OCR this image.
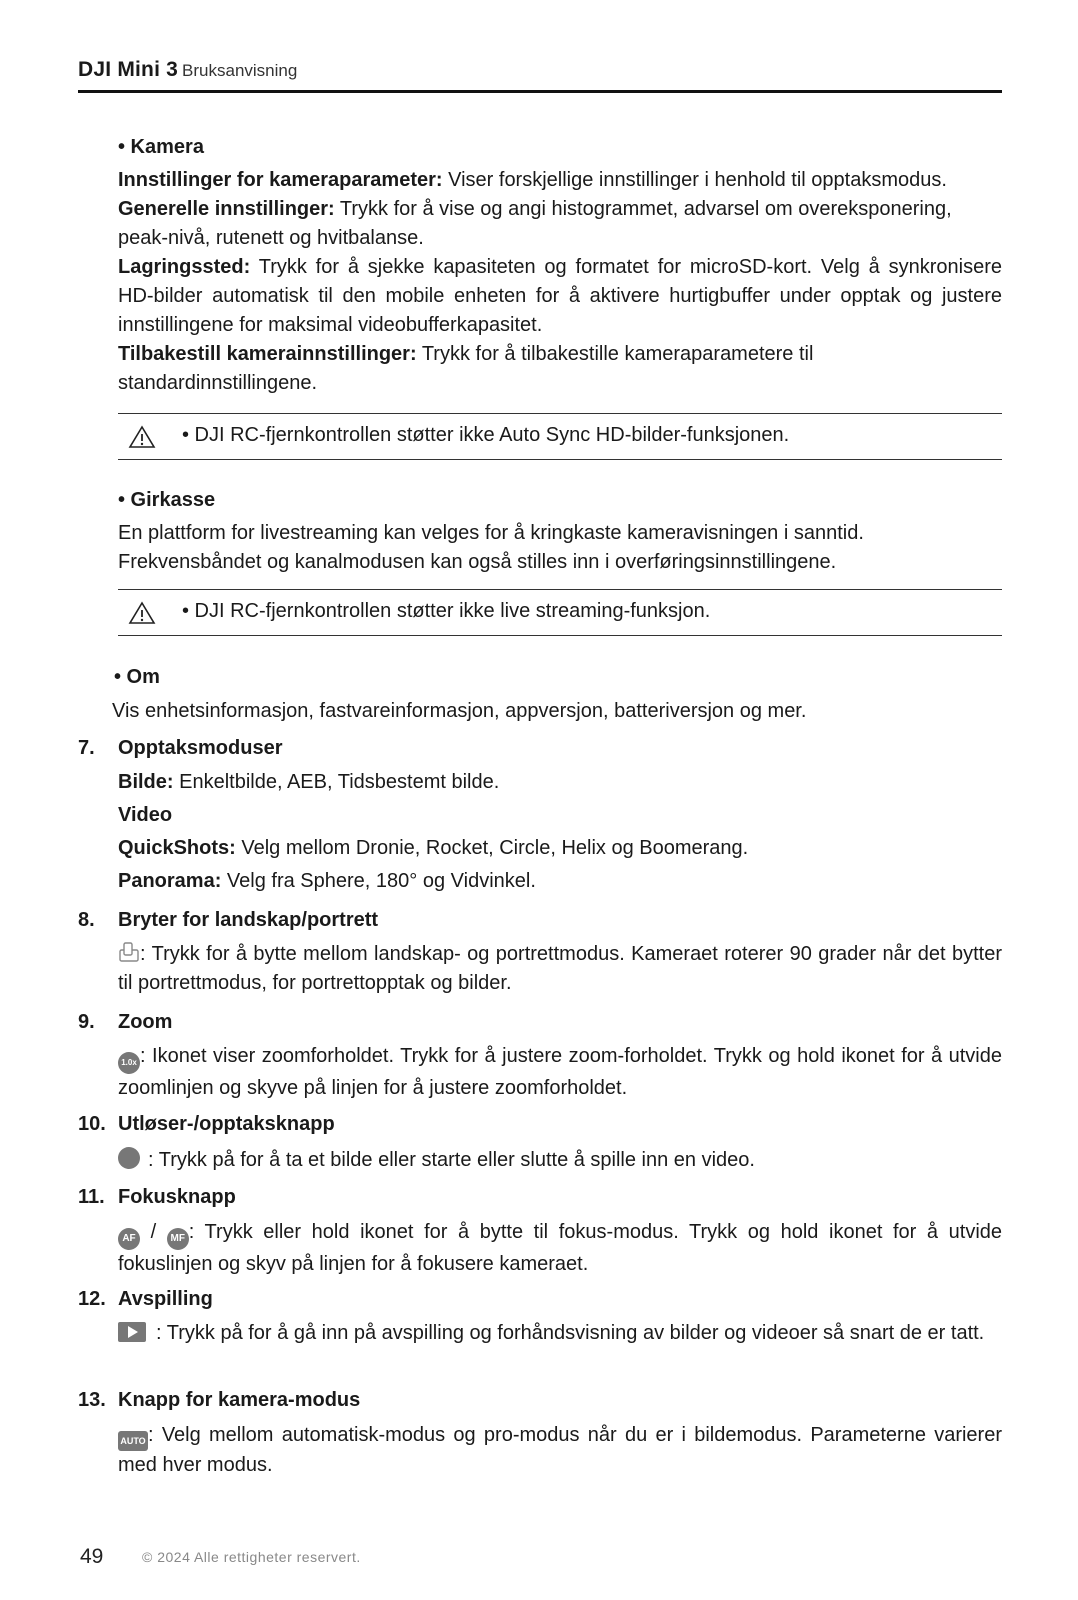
DJI Mini 3 Bruksanvisning
• Kamera
Innstillinger for kameraparameter: Viser forskjellige innstillinger i henhold til opptaksmodus.
Generelle innstillinger: Trykk for å vise og angi histogrammet, advarsel om overeksponering, peak-nivå, rutenett og hvitbalanse.
Lagringssted: Trykk for å sjekke kapasiteten og formatet for microSD-kort. Velg å synkronisere HD-bilder automatisk til den mobile enheten for å aktivere hurtigbuffer under opptak og justere innstillingene for maksimal videobufferkapasitet.
Tilbakestill kamerainnstillinger: Trykk for å tilbakestille kameraparametere til standardinnstillingene.
• DJI RC-fjernkontrollen støtter ikke Auto Sync HD-bilder-funksjonen.
• Girkasse
En plattform for livestreaming kan velges for å kringkaste kameravisningen i sanntid. Frekvensbåndet og kanalmodusen kan også stilles inn i overføringsinnstillingene.
• DJI RC-fjernkontrollen støtter ikke live streaming-funksjon.
• Om
Vis enhetsinformasjon, fastvareinformasjon, appversjon, batteriversjon og mer.
7. Opptaksmoduser
Bilde: Enkeltbilde, AEB, Tidsbestemt bilde.
Video
QuickShots: Velg mellom Dronie, Rocket, Circle, Helix og Boomerang.
Panorama: Velg fra Sphere, 180° og Vidvinkel.
8. Bryter for landskap/portrett
: Trykk for å bytte mellom landskap- og portrettmodus. Kameraet roterer 90 grader når det bytter til portrettmodus, for portrettopptak og bilder.
9. Zoom
1.0x : Ikonet viser zoomforholdet. Trykk for å justere zoom-forholdet. Trykk og hold ikonet for å utvide zoomlinjen og skyve på linjen for å justere zoomforholdet.
10. Utløser-/opptaksknapp
: Trykk på for å ta et bilde eller starte eller slutte å spille inn en video.
11. Fokusknapp
AF / MF : Trykk eller hold ikonet for å bytte til fokus-modus. Trykk og hold ikonet for å utvide fokuslinjen og skyv på linjen for å fokusere kameraet.
12. Avspilling
: Trykk på for å gå inn på avspilling og forhåndsvisning av bilder og videoer så snart de er tatt.
13. Knapp for kamera-modus
AUTO : Velg mellom automatisk-modus og pro-modus når du er i bildemodus. Parameterne varierer med hver modus.
49	© 2024 Alle rettigheter reservert.
